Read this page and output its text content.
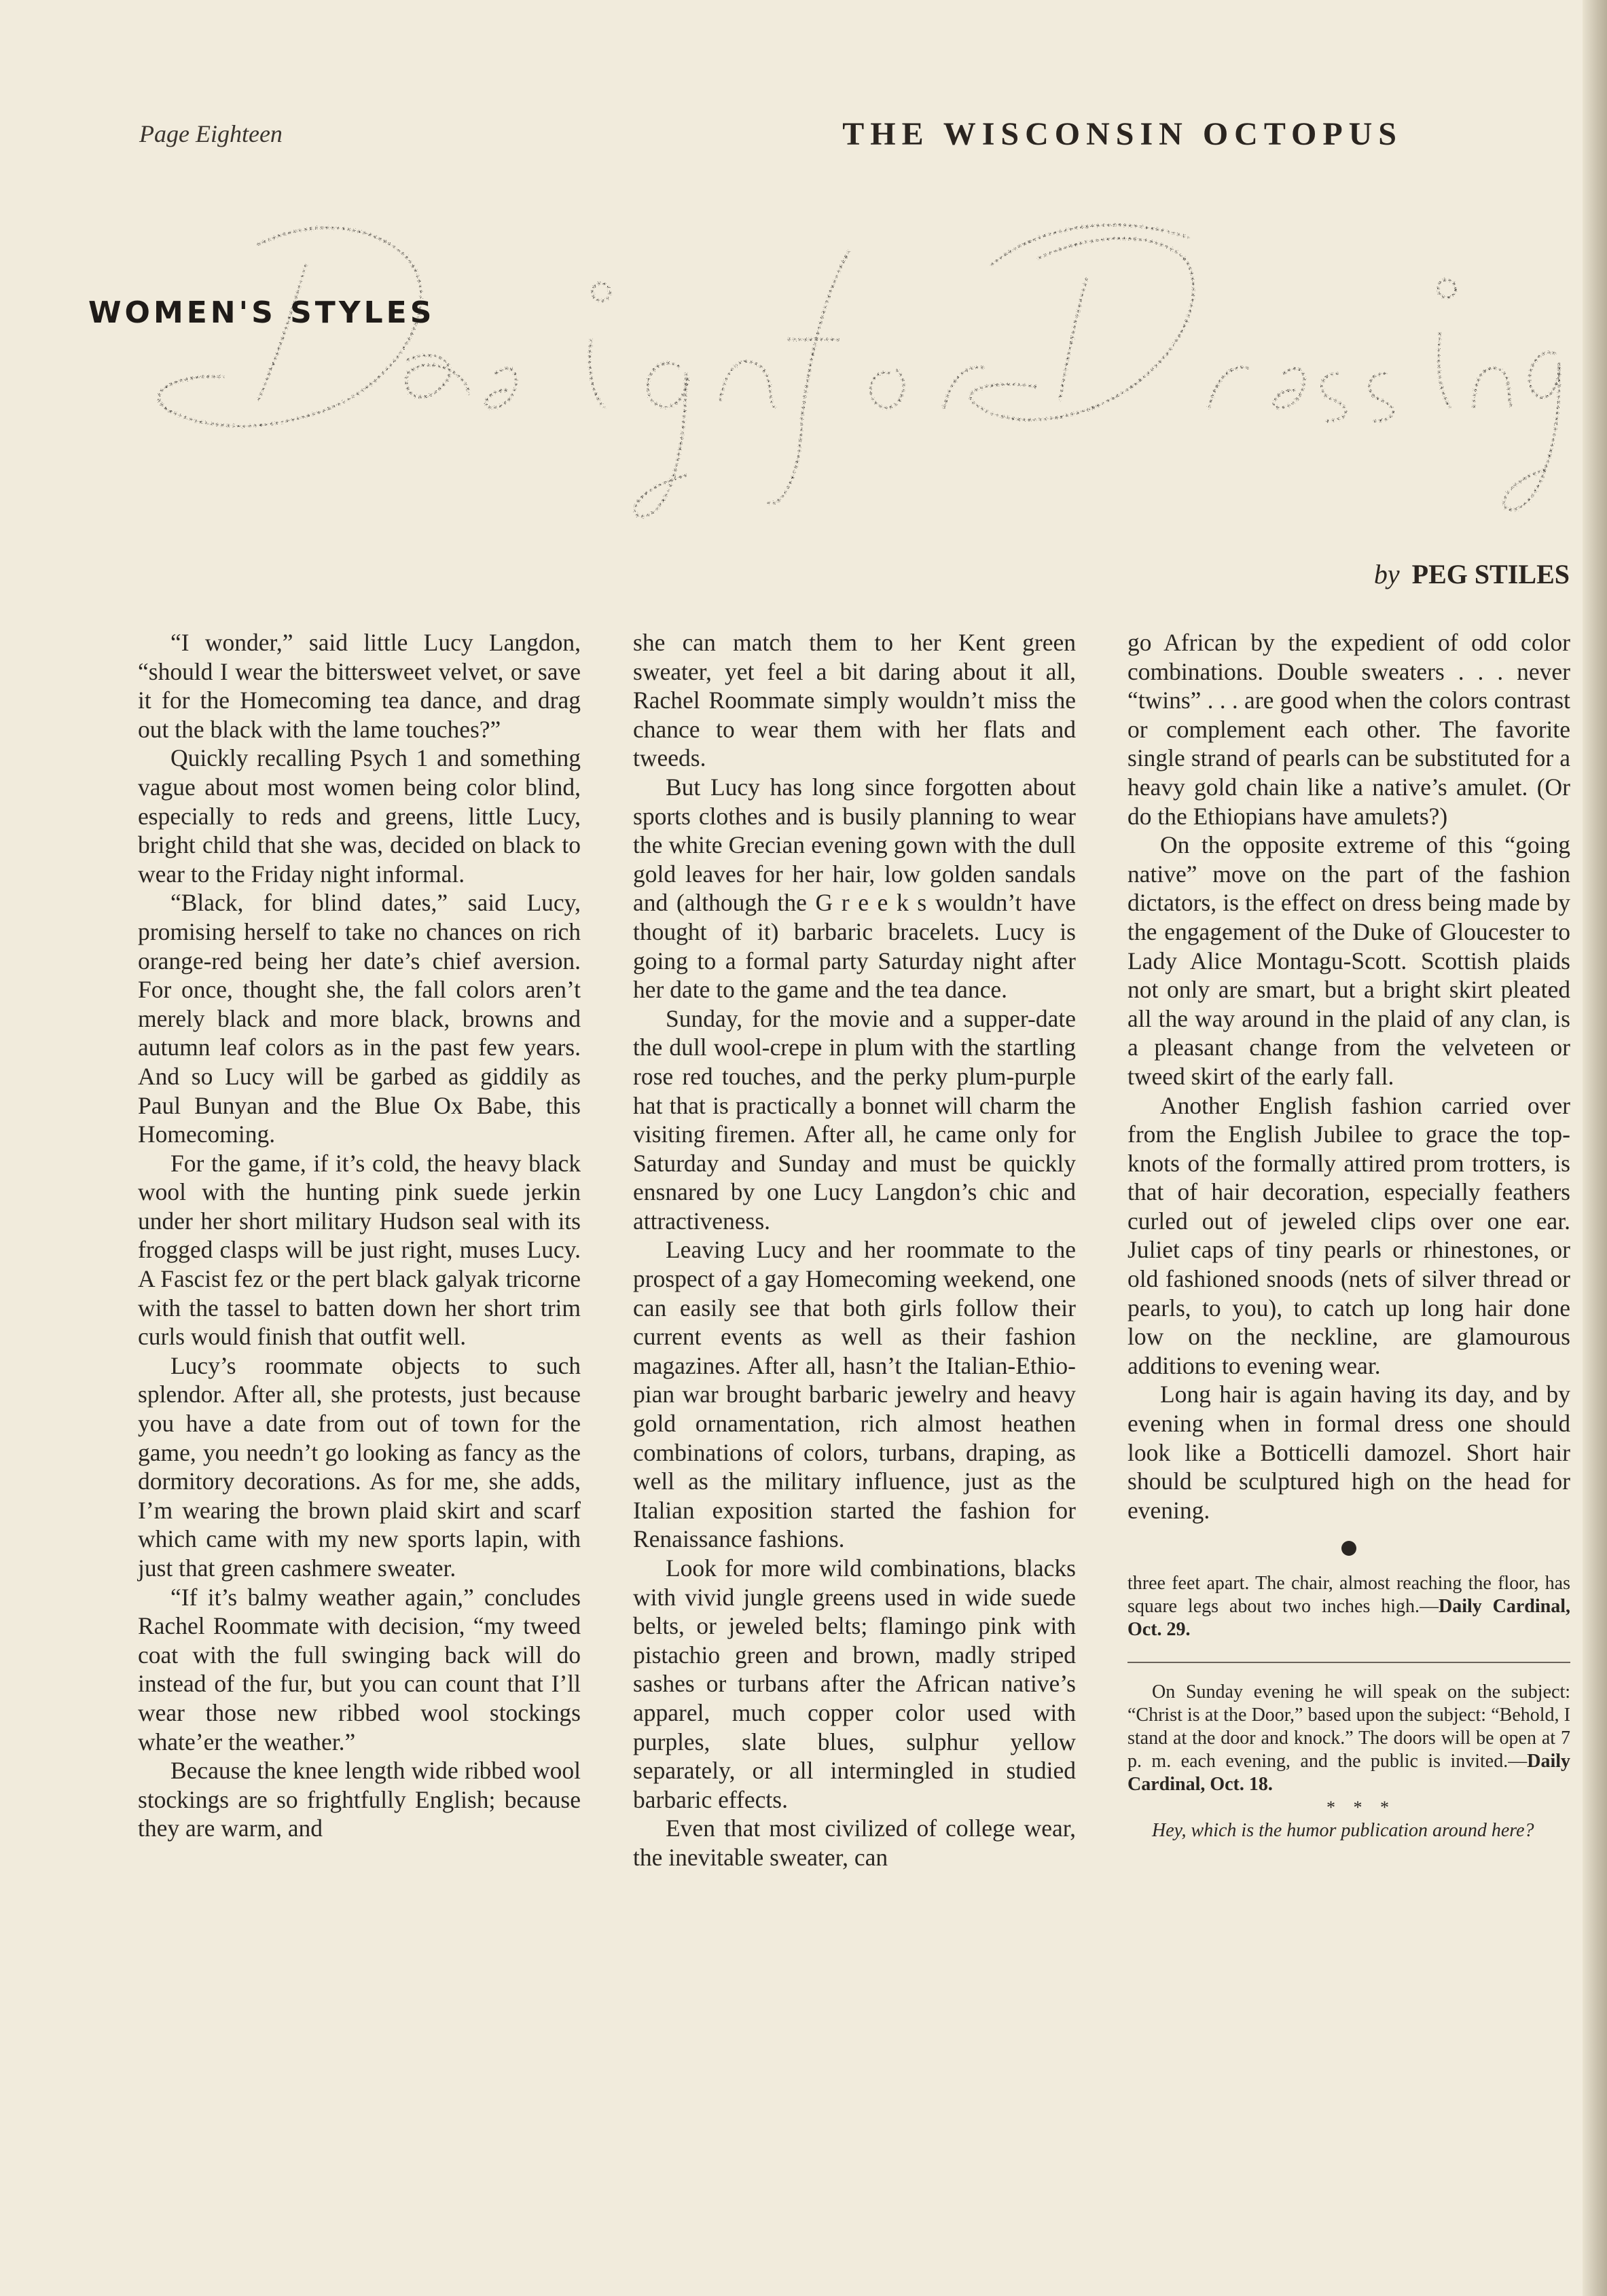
Page Eighteen	THE WISCONSIN OCTOPUS
WOMEN'S STYLES
by PEG STILES

“I wonder,” said little Lucy Langdon, “should I wear the bittersweet velvet, or save it for the Homecoming tea dance, and drag out the black with the lame touches?”

Quickly recalling Psych 1 and something vague about most women being color blind, especially to reds and greens, little Lucy, bright child that she was, decided on black to wear to the Friday night informal.

“Black, for blind dates,” said Lucy, promising herself to take no chances on rich orange-red being her date’s chief aversion. For once, thought she, the fall colors aren’t merely black and more black, browns and autumn leaf colors as in the past few years. And so Lucy will be garbed as giddily as Paul Bunyan and the Blue Ox Babe, this Homecoming.

For the game, if it’s cold, the heavy black wool with the hunting pink suede jerkin under her short military Hudson seal with its frogged clasps will be just right, muses Lucy. A Fascist fez or the pert black galyak tricorne with the tassel to batten down her short trim curls would finish that outfit well.

Lucy’s roommate objects to such splendor. After all, she protests, just because you have a date from out of town for the game, you needn’t go looking as fancy as the dormitory decorations. As for me, she adds, I’m wearing the brown plaid skirt and scarf which came with my new sports lapin, with just that green cashmere sweater.

“If it’s balmy weather again,” concludes Rachel Roommate with decision, “my tweed coat with the full swinging back will do instead of the fur, but you can count that I’ll wear those new ribbed wool stockings whate’er the weather.”

Because the knee length wide ribbed wool stockings are so frightfully English; because they are warm, and

she can match them to her Kent green sweater, yet feel a bit daring about it all, Rachel Roommate simply wouldn’t miss the chance to wear them with her flats and tweeds.

But Lucy has long since forgotten about sports clothes and is busily planning to wear the white Grecian evening gown with the dull gold leaves for her hair, low golden sandals and (although the G r e e k s wouldn’t have thought of it) barbaric bracelets. Lucy is going to a formal party Saturday night after her date to the game and the tea dance.

Sunday, for the movie and a supper-date the dull wool-crepe in plum with the startling rose red touches, and the perky plum-purple hat that is practically a bonnet will charm the visiting firemen. After all, he came only for Saturday and Sunday and must be quickly ensnared by one Lucy Langdon’s chic and attractiveness.

Leaving Lucy and her roommate to the prospect of a gay Homecoming weekend, one can easily see that both girls follow their current events as well as their fashion magazines. After all, hasn’t the Italian-Ethiopian war brought barbaric jewelry and heavy gold ornamentation, rich almost heathen combinations of colors, turbans, draping, as well as the military influence, just as the Italian exposition started the fashion for Renaissance fashions.

Look for more wild combinations, blacks with vivid jungle greens used in wide suede belts, or jeweled belts; flamingo pink with pistachio green and brown, madly striped sashes or turbans after the African native’s apparel, much copper color used with purples, slate blues, sulphur yellow separately, or all intermingled in studied barbaric effects.

Even that most civilized of college wear, the inevitable sweater, can

go African by the expedient of odd color combinations. Double sweaters . . . never “twins” . . . are good when the colors contrast or complement each other. The favorite single strand of pearls can be substituted for a heavy gold chain like a native’s amulet. (Or do the Ethiopians have amulets?)

On the opposite extreme of this “going native” move on the part of the fashion dictators, is the effect on dress being made by the engagement of the Duke of Gloucester to Lady Alice Montagu-Scott. Scottish plaids not only are smart, but a bright skirt pleated all the way around in the plaid of any clan, is a pleasant change from the velveteen or tweed skirt of the early fall.

Another English fashion carried over from the English Jubilee to grace the top-knots of the formally attired prom trotters, is that of hair decoration, especially feathers curled out of jeweled clips over one ear. Juliet caps of tiny pearls or rhinestones, or old fashioned snoods (nets of silver thread or pearls, to you), to catch up long hair done low on the neckline, are glamourous additions to evening wear.

Long hair is again having its day, and by evening when in formal dress one should look like a Botticelli damozel. Short hair should be sculptured high on the head for evening.

three feet apart. The chair, almost reaching the floor, has square legs about two inches high.—Daily Cardinal, Oct. 29.

On Sunday evening he will speak on the subject: “Christ is at the Door,” based upon the subject: “Behold, I stand at the door and knock.” The doors will be open at 7 p. m. each evening, and the public is invited.—Daily Cardinal, Oct. 18.

* * *

Hey, which is the humor publication around here?
